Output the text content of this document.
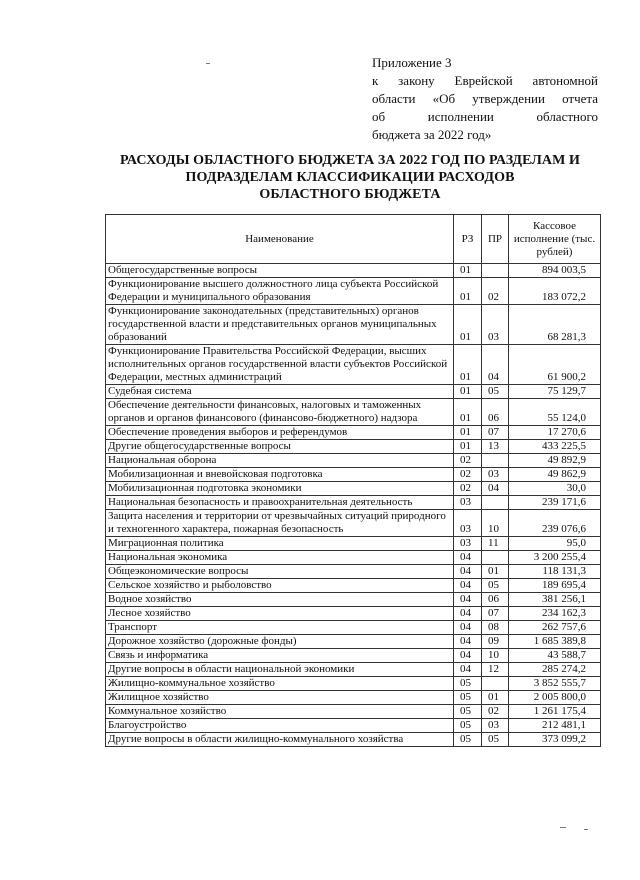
Приложение 3
к закону Еврейской автономной
области «Об утверждении отчета
об исполнении областного
бюджета за 2022 год»
РАСХОДЫ ОБЛАСТНОГО БЮДЖЕТА ЗА 2022 ГОД ПО РАЗДЕЛАМ И
ПОДРАЗДЕЛАМ КЛАССИФИКАЦИИ РАСХОДОВ
ОБЛАСТНОГО БЮДЖЕТА
Наименование	РЗ	ПР	Кассовое исполнение (тыс. рублей)
Общегосударственные вопросы	01		894 003,5
Функционирование высшего должностного лица субъекта Российской Федерации и муниципального образования	01	02	183 072,2
Функционирование законодательных (представительных) органов государственной власти и представительных органов муниципальных образований	01	03	68 281,3
Функционирование Правительства Российской Федерации, высших исполнительных органов государственной власти субъектов Российской Федерации, местных администраций	01	04	61 900,2
Судебная система	01	05	75 129,7
Обеспечение деятельности финансовых, налоговых и таможенных органов и органов финансового (финансово-бюджетного) надзора	01	06	55 124,0
Обеспечение проведения выборов и референдумов	01	07	17 270,6
Другие общегосударственные вопросы	01	13	433 225,5
Национальная оборона	02		49 892,9
Мобилизационная и вневойсковая подготовка	02	03	49 862,9
Мобилизационная подготовка экономики	02	04	30,0
Национальная безопасность и правоохранительная деятельность	03		239 171,6
Защита населения и территории от чрезвычайных ситуаций природного и техногенного характера, пожарная безопасность	03	10	239 076,6
Миграционная политика	03	11	95,0
Национальная экономика	04		3 200 255,4
Общеэкономические вопросы	04	01	118 131,3
Сельское хозяйство и рыболовство	04	05	189 695,4
Водное хозяйство	04	06	381 256,1
Лесное хозяйство	04	07	234 162,3
Транспорт	04	08	262 757,6
Дорожное хозяйство (дорожные фонды)	04	09	1 685 389,8
Связь и информатика	04	10	43 588,7
Другие вопросы в области национальной экономики	04	12	285 274,2
Жилищно-коммунальное хозяйство	05		3 852 555,7
Жилищное хозяйство	05	01	2 005 800,0
Коммунальное хозяйство	05	02	1 261 175,4
Благоустройство	05	03	212 481,1
Другие вопросы в области жилищно-коммунального хозяйства	05	05	373 099,2
